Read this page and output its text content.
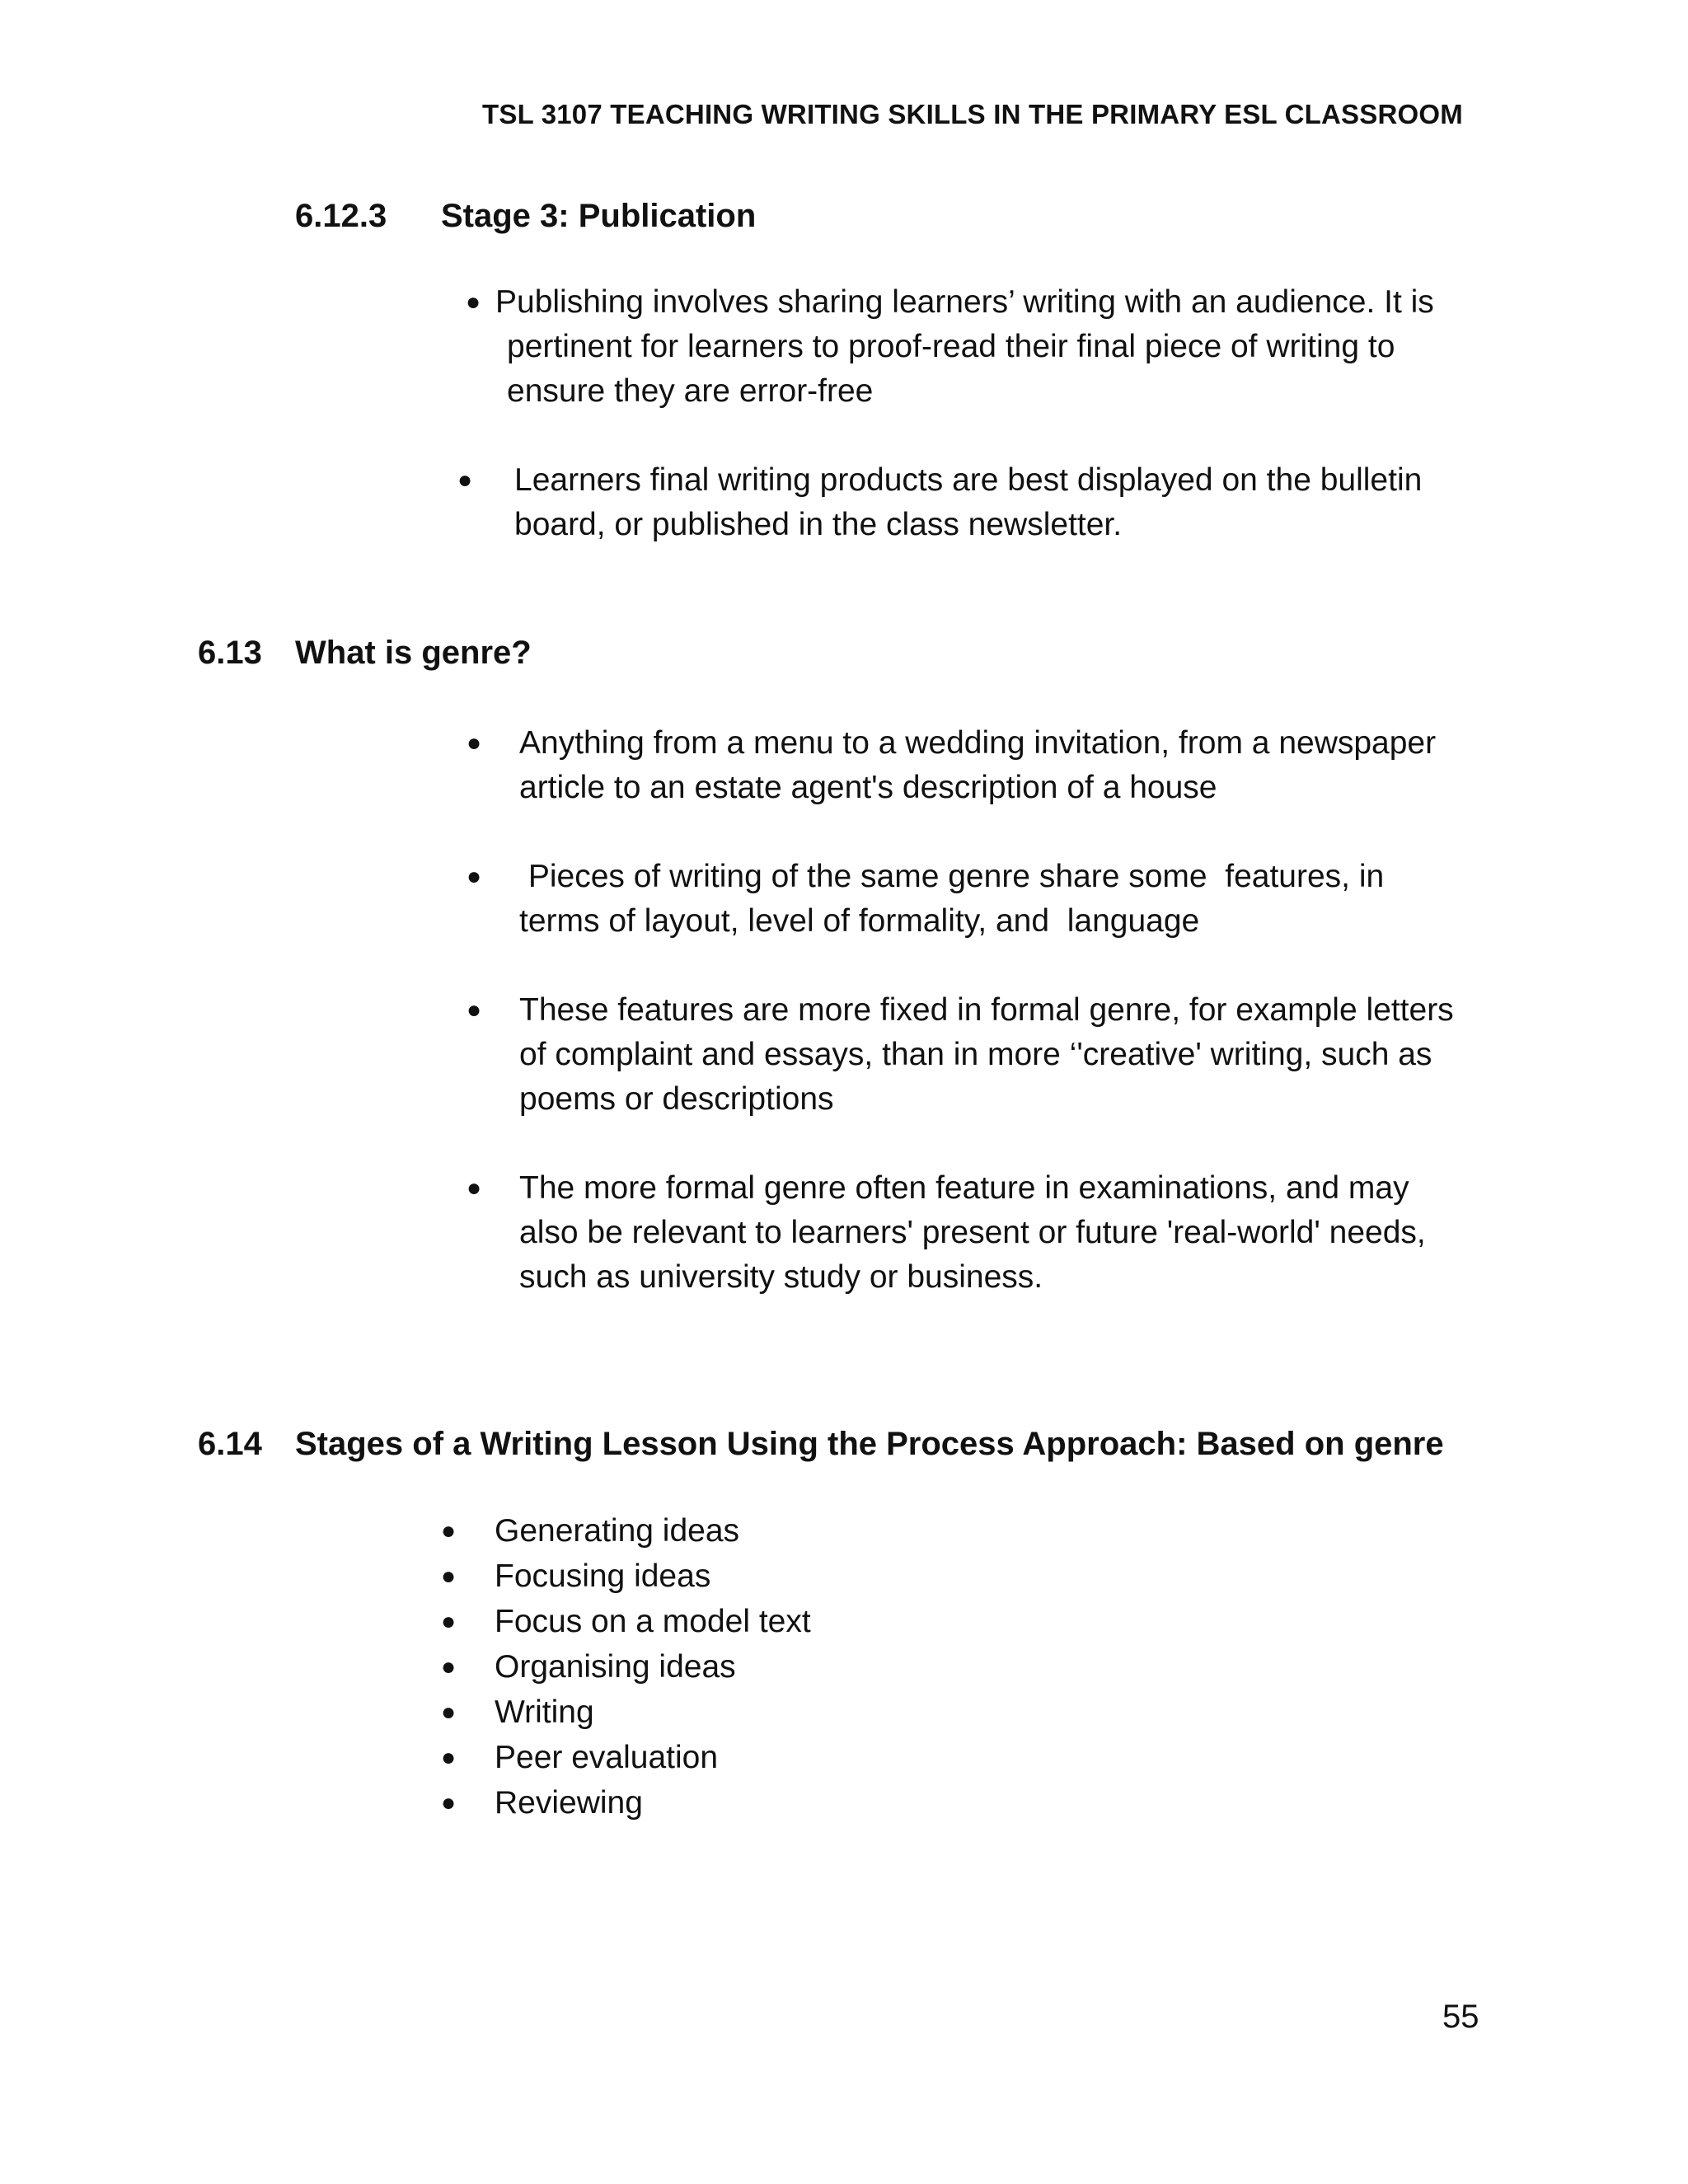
TSL 3107 TEACHING WRITING SKILLS IN THE PRIMARY ESL CLASSROOM
6.12.3 Stage 3: Publication
● Publishing involves sharing learners’ writing with an audience. It is pertinent for learners to proof-read their final piece of writing to ensure they are error-free
●	Learners final writing products are best displayed on the bulletin board, or published in the class newsletter.
6.13 What is genre?
●	Anything from a menu to a wedding invitation, from a newspaper article to an estate agent's description of a house
●	Pieces of writing of the same genre share some  features, in terms of layout, level of formality, and  language
●	These features are more fixed in formal genre, for example letters of complaint and essays, than in more ‘'creative' writing, such as poems or descriptions
●	The more formal genre often feature in examinations, and may also be relevant to learners' present or future 'real-world' needs, such as university study or business.
6.14 Stages of a Writing Lesson Using the Process Approach: Based on genre
●	Generating ideas
●	Focusing ideas
●	Focus on a model text
●	Organising ideas
●	Writing
●	Peer evaluation
●	Reviewing
55
